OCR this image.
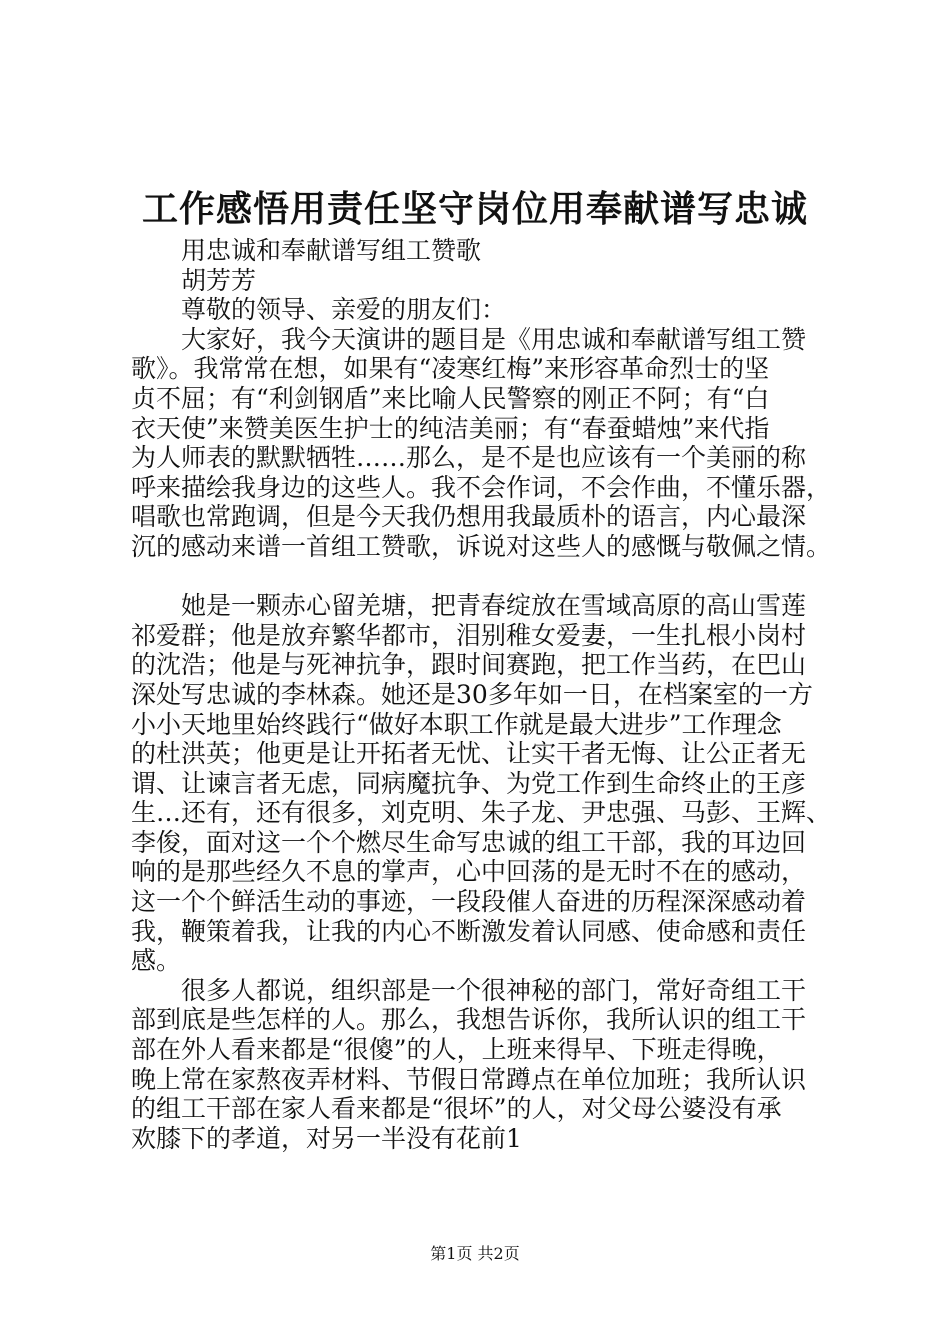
工作感悟用责任坚守岗位用奉献谱写忠诚
用忠诚和奉献谱写组工赞歌
胡芳芳
尊敬的领导、亲爱的朋友们：
大家好，我今天演讲的题目是《用忠诚和奉献谱写组工赞
歌》。我常常在想，如果有“凌寒红梅”来形容革命烈士的坚
贞不屈；有“利剑钢盾”来比喻人民警察的刚正不阿；有“白
衣天使”来赞美医生护士的纯洁美丽；有“春蚕蜡烛”来代指
为人师表的默默牺牲……那么，是不是也应该有一个美丽的称
呼来描绘我身边的这些人。我不会作词，不会作曲，不懂乐器，
唱歌也常跑调，但是今天我仍想用我最质朴的语言，内心最深
沉的感动来谱一首组工赞歌，诉说对这些人的感慨与敬佩之情。
她是一颗赤心留羌塘，把青春绽放在雪域高原的高山雪莲
祁爱群；他是放弃繁华都市，泪别稚女爱妻，一生扎根小岗村
的沈浩；他是与死神抗争，跟时间赛跑，把工作当药，在巴山
深处写忠诚的李林森。她还是30多年如一日，在档案室的一方
小小天地里始终践行“做好本职工作就是最大进步”工作理念
的杜洪英；他更是让开拓者无忧、让实干者无悔、让公正者无
谓、让谏言者无虑，同病魔抗争、为党工作到生命终止的王彦
生…还有，还有很多，刘克明、朱子龙、尹忠强、马彭、王辉、
李俊，面对这一个个燃尽生命写忠诚的组工干部，我的耳边回
响的是那些经久不息的掌声，心中回荡的是无时不在的感动，
这一个个鲜活生动的事迹，一段段催人奋进的历程深深感动着
我，鞭策着我，让我的内心不断激发着认同感、使命感和责任
感。
很多人都说，组织部是一个很神秘的部门，常好奇组工干
部到底是些怎样的人。那么，我想告诉你，我所认识的组工干
部在外人看来都是“很傻”的人，上班来得早、下班走得晚，
晚上常在家熬夜弄材料、节假日常蹲点在单位加班；我所认识
的组工干部在家人看来都是“很坏”的人，对父母公婆没有承
欢膝下的孝道，对另一半没有花前1
第1页 共2页
